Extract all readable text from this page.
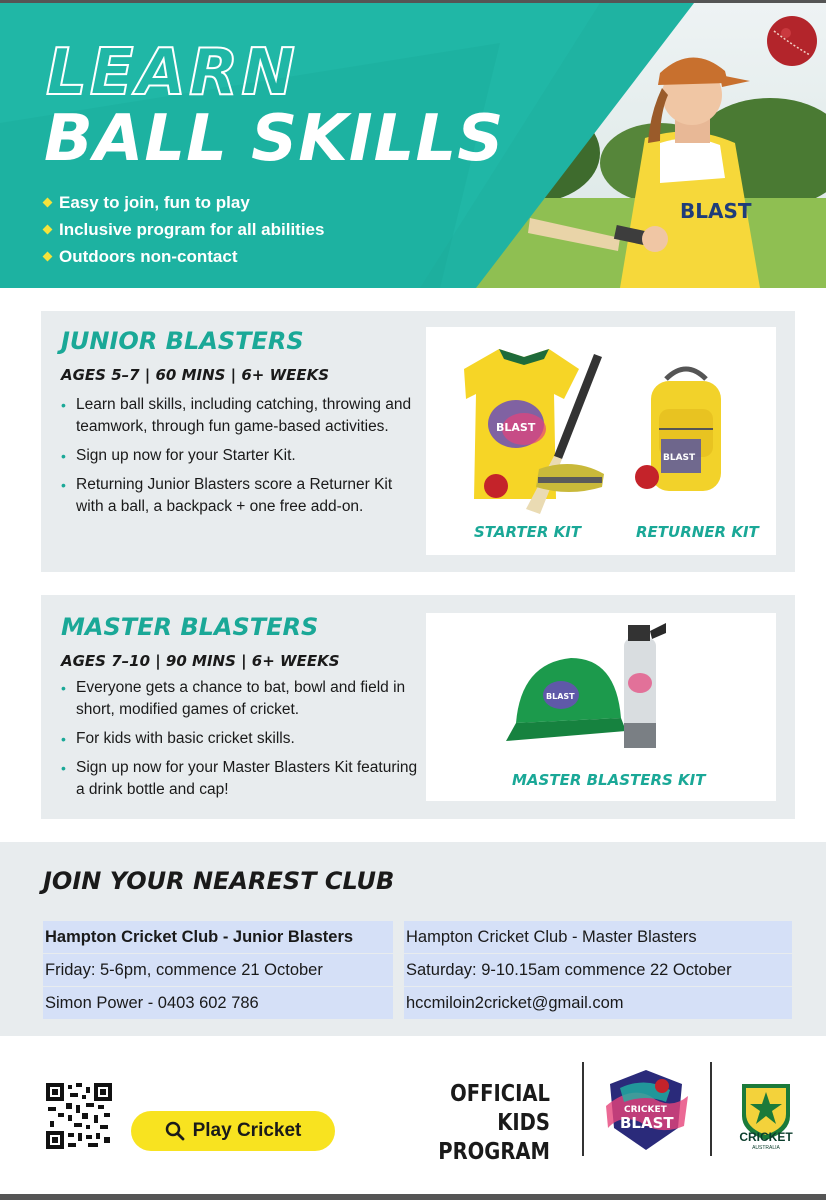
BLAST
LEARN
BALL SKILLS
Easy to join, fun to play
Inclusive program for all abilities
Outdoors non-contact
JUNIOR BLASTERS
AGES 5–7 | 60 MINS | 6+ WEEKS
• Learn ball skills, including catching, throwing and teamwork, through fun game-based activities.
• Sign up now for your Starter Kit.
• Returning Junior Blasters score a Returner Kit with a ball, a backpack + one free add-on.
BLAST
BLAST
STARTER KIT	RETURNER KIT
MASTER BLASTERS
AGES 7–10 | 90 MINS | 6+ WEEKS
• Everyone gets a chance to bat, bowl and field in short, modified games of cricket.
• For kids with basic cricket skills.
• Sign up now for your Master Blasters Kit featuring a drink bottle and cap!
BLAST
MASTER BLASTERS KIT
JOIN YOUR NEAREST CLUB
Hampton Cricket Club - Junior Blasters
Friday: 5-6pm, commence 21 October
Simon Power - 0403 602 786
Hampton Cricket Club - Master Blasters
Saturday: 9-10.15am commence 22 October
hccmiloin2cricket@gmail.com
Play Cricket
OFFICIAL KIDS
PROGRAM
CRICKET
BLAST
CRICKET
AUSTRALIA
